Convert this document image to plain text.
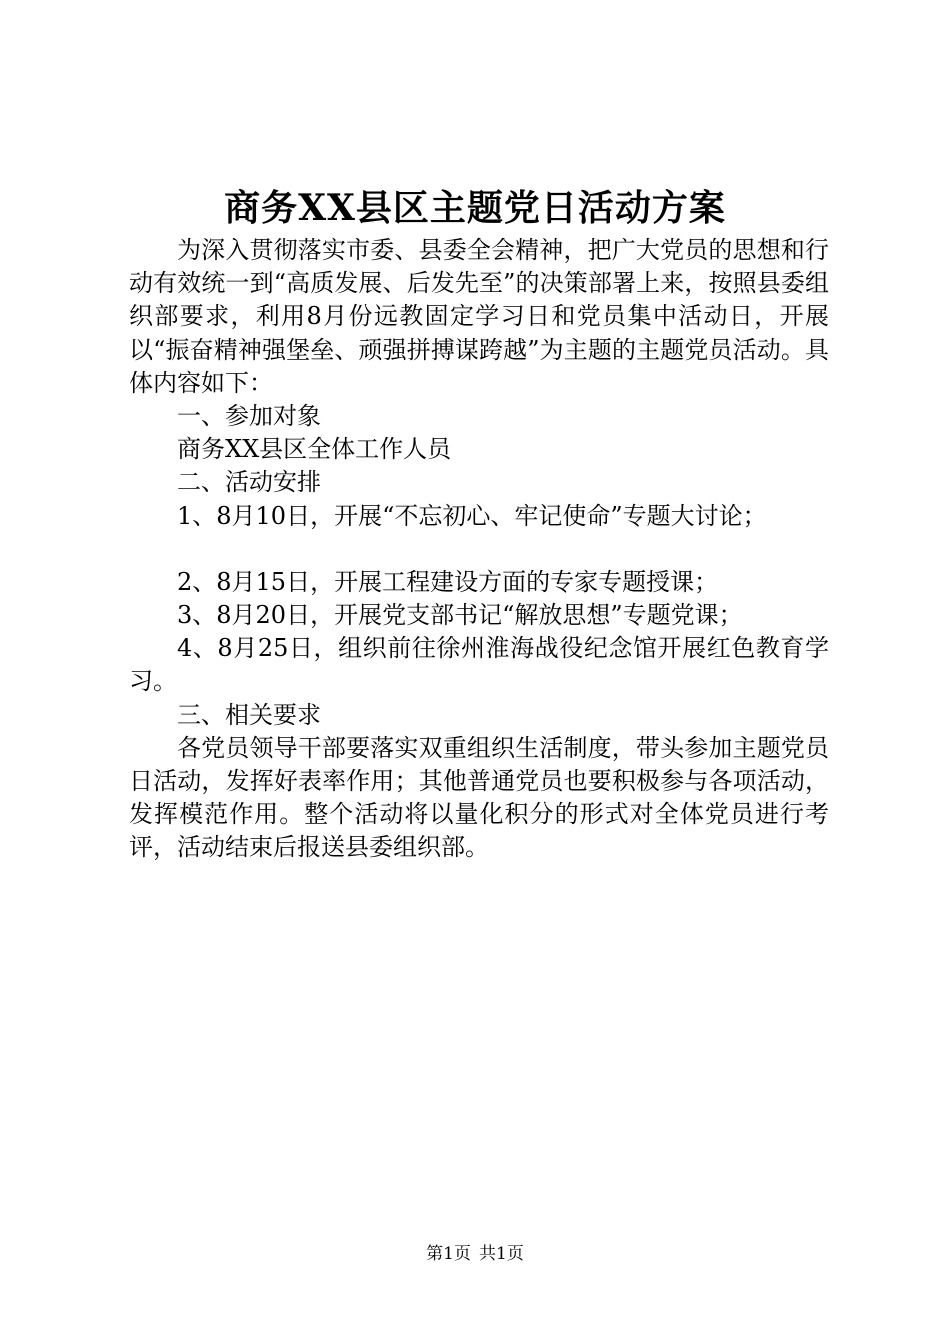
商务XX县区主题党日活动方案

为深入贯彻落实市委、县委全会精神，把广大党员的思想和行动有效统一到“高质发展、后发先至”的决策部署上来，按照县委组织部要求，利用8月份远教固定学习日和党员集中活动日，开展以“振奋精神强堡垒、顽强拼搏谋跨越”为主题的主题党员活动。具体内容如下：

一、参加对象

商务XX县区全体工作人员

二、活动安排

1、8月10日，开展“不忘初心、牢记使命”专题大讨论；

2、8月15日，开展工程建设方面的专家专题授课；

3、8月20日，开展党支部书记“解放思想”专题党课；

4、8月25日，组织前往徐州淮海战役纪念馆开展红色教育学习。

三、相关要求

各党员领导干部要落实双重组织生活制度，带头参加主题党员日活动，发挥好表率作用；其他普通党员也要积极参与各项活动，发挥模范作用。整个活动将以量化积分的形式对全体党员进行考评，活动结束后报送县委组织部。

第1页 共1页
